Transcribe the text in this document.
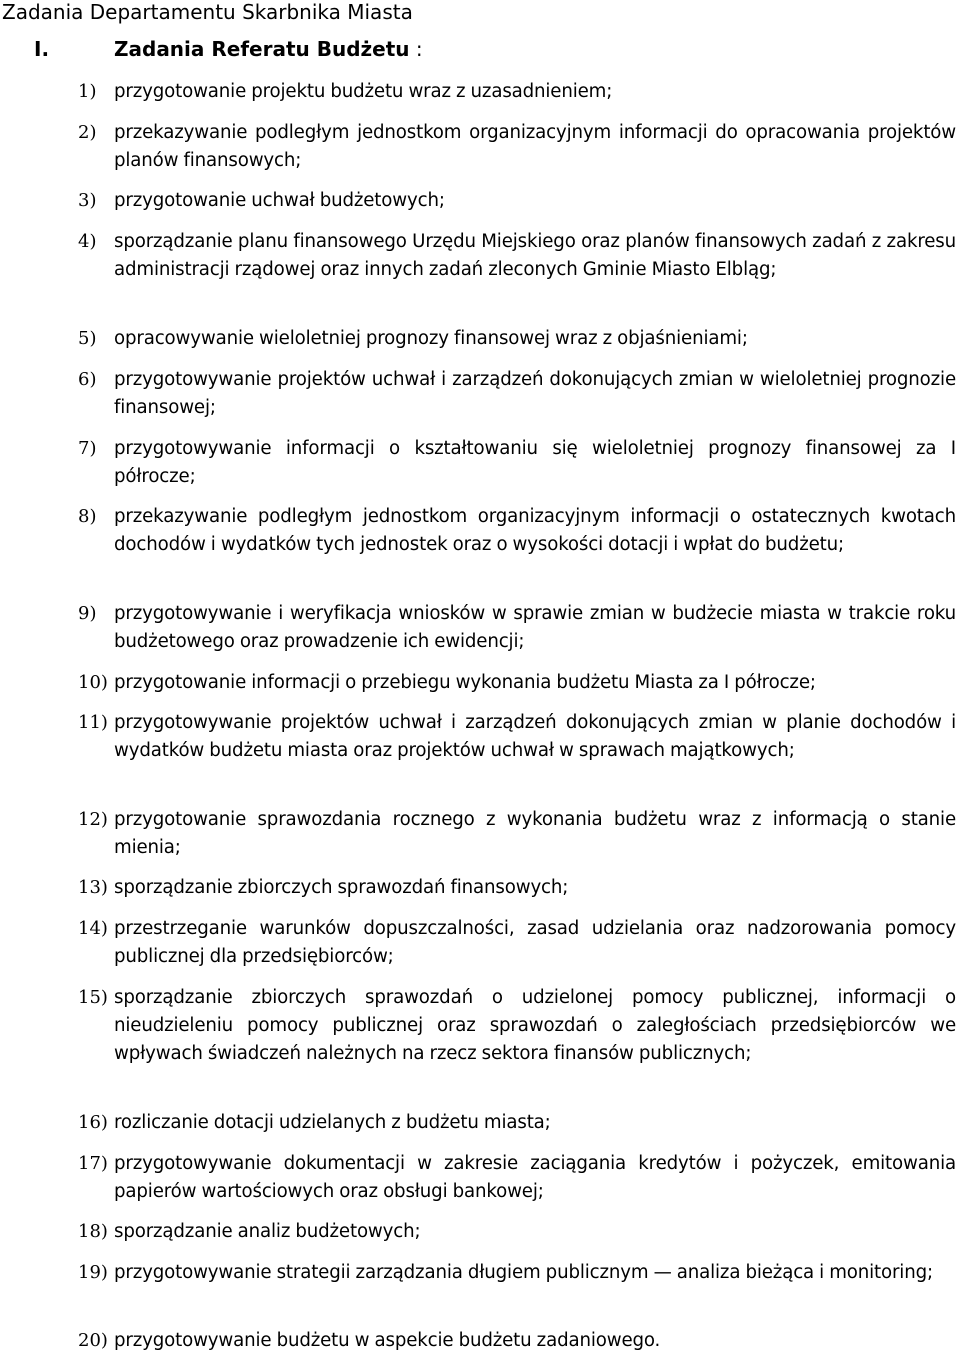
Zadania Departamentu Skarbnika Miasta
I.	Zadania Referatu Budżetu :
1) przygotowanie projektu budżetu wraz z uzasadnieniem;
2) przekazywanie podległym jednostkom organizacyjnym informacji do opracowania projektów planów finansowych;
3) przygotowanie uchwał budżetowych;
4) sporządzanie planu finansowego Urzędu Miejskiego oraz planów finansowych zadań z zakresu administracji rządowej oraz innych zadań zleconych Gminie Miasto Elbląg;
5) opracowywanie wieloletniej prognozy finansowej wraz z objaśnieniami;
6) przygotowywanie projektów uchwał i zarządzeń dokonujących zmian w wieloletniej prognozie finansowej;
7) przygotowywanie informacji o kształtowaniu się wieloletniej prognozy finansowej za I półrocze;
8) przekazywanie podległym jednostkom organizacyjnym informacji o ostatecznych kwotach dochodów i wydatków tych jednostek oraz o wysokości dotacji i wpłat do budżetu;
9) przygotowywanie i weryfikacja wniosków w sprawie zmian w budżecie miasta w trakcie roku budżetowego oraz prowadzenie ich ewidencji;
10) przygotowanie informacji o przebiegu wykonania budżetu Miasta za I półrocze;
11) przygotowywanie projektów uchwał i zarządzeń dokonujących zmian w planie dochodów i wydatków budżetu miasta oraz projektów uchwał w sprawach majątkowych;
12) przygotowanie sprawozdania rocznego z wykonania budżetu wraz z informacją o stanie mienia;
13) sporządzanie zbiorczych sprawozdań finansowych;
14) przestrzeganie warunków dopuszczalności, zasad udzielania oraz nadzorowania pomocy publicznej dla przedsiębiorców;
15) sporządzanie zbiorczych sprawozdań o udzielonej pomocy publicznej, informacji o nieudzieleniu pomocy publicznej oraz sprawozdań o zaległościach przedsiębiorców we wpływach świadczeń należnych na rzecz sektora finansów publicznych;
16) rozliczanie dotacji udzielanych z budżetu miasta;
17) przygotowywanie dokumentacji w zakresie zaciągania kredytów i pożyczek, emitowania papierów wartościowych oraz obsługi bankowej;
18) sporządzanie analiz budżetowych;
19) przygotowywanie strategii zarządzania długiem publicznym — analiza bieżąca i monitoring;
20) przygotowywanie budżetu w aspekcie budżetu zadaniowego.
